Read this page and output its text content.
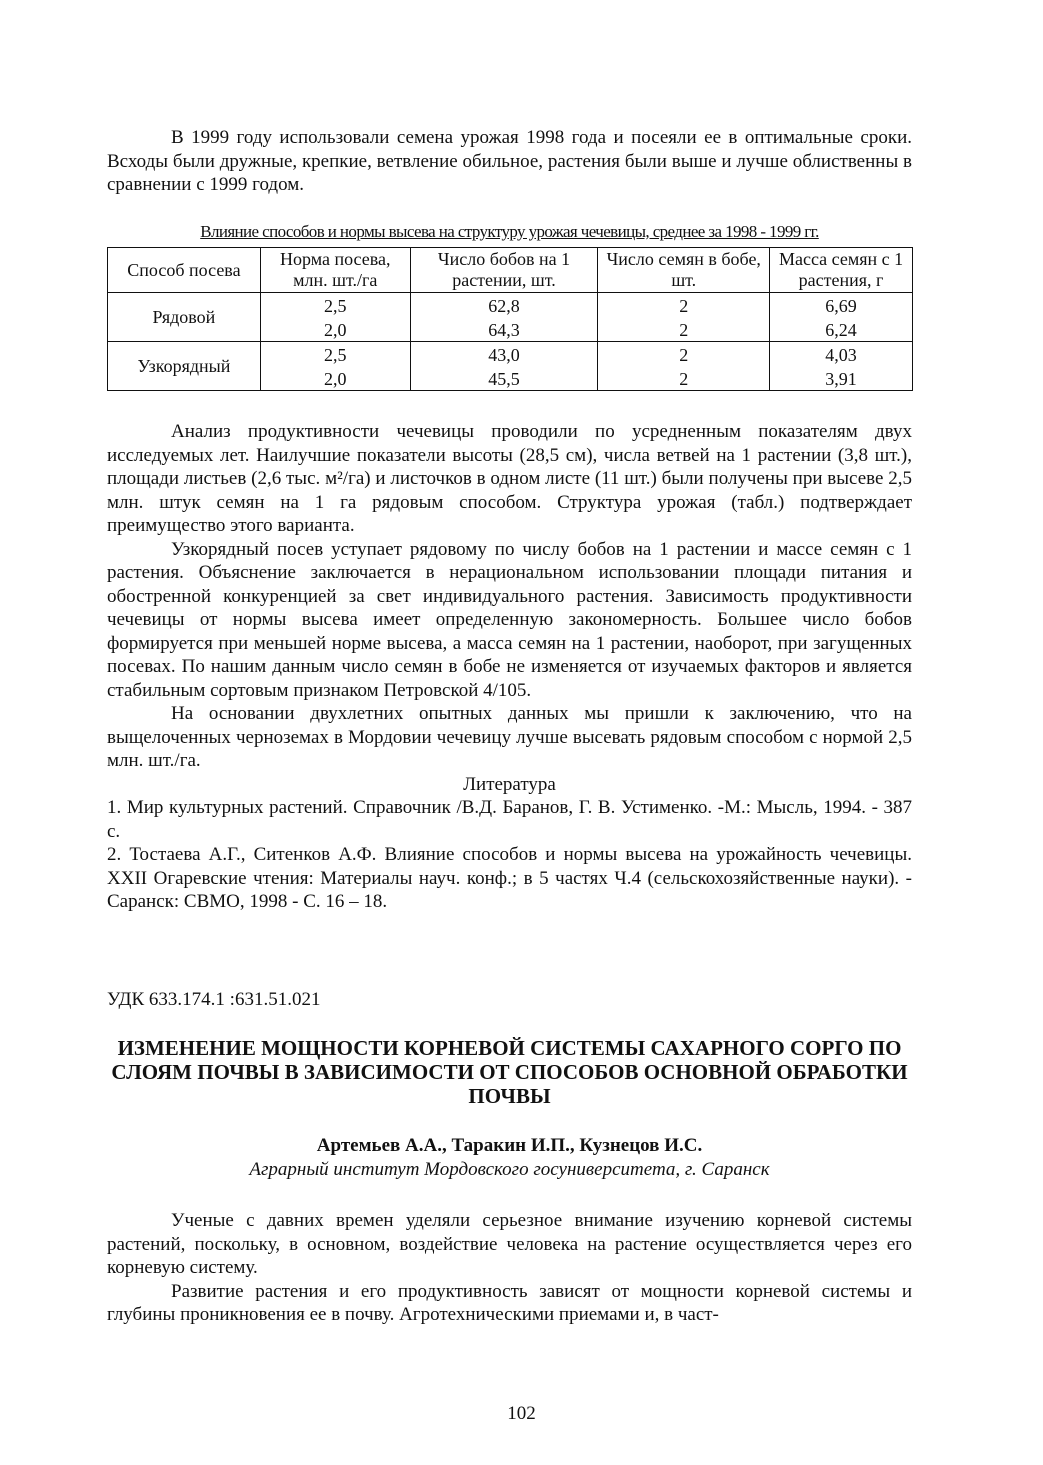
В 1999 году использовали семена урожая 1998 года и посеяли ее в оптимальные сроки. Всходы были дружные, крепкие, ветвление обильное, растения были выше и лучше облиственны в сравнении с 1999 годом.

Влияние способов и нормы высева на структуру урожая чечевицы, среднее за 1998 - 1999 гг.
Способ посева	Норма посева, млн. шт./га	Число бобов на 1 растении, шт.	Число семян в бобе, шт.	Масса семян с 1 растения, г
Рядовой	2,5	62,8	2	6,69
	2,0	64,3	2	6,24
Узкорядный	2,5	43,0	2	4,03
	2,0	45,5	2	3,91

Анализ продуктивности чечевицы проводили по усредненным показателям двух исследуемых лет. Наилучшие показатели высоты (28,5 см), числа ветвей на 1 растении (3,8 шт.), площади листьев (2,6 тыс. м²/га) и листочков в одном листе (11 шт.) были получены при высеве 2,5 млн. штук семян на 1 га рядовым способом. Структура урожая (табл.) подтверждает преимущество этого варианта.

Узкорядный посев уступает рядовому по числу бобов на 1 растении и массе семян с 1 растения. Объяснение заключается в нерациональном использовании площади питания и обостренной конкуренцией за свет индивидуального растения. Зависимость продуктивности чечевицы от нормы высева имеет определенную закономерность. Большее число бобов формируется при меньшей норме высева, а масса семян на 1 растении, наоборот, при загущенных посевах. По нашим данным число семян в бобе не изменяется от изучаемых факторов и является стабильным сортовым признаком Петровской 4/105.

На основании двухлетних опытных данных мы пришли к заключению, что на выщелоченных черноземах в Мордовии чечевицу лучше высевать рядовым способом с нормой 2,5 млн. шт./га.

Литература

1. Мир культурных растений. Справочник /В.Д. Баранов, Г. В. Устименко. -М.: Мысль, 1994. - 387 с.

2. Тостаева А.Г., Ситенков А.Ф. Влияние способов и нормы высева на урожайность чечевицы. XXII Огаревские чтения: Материалы науч. конф.; в 5 частях Ч.4 (сельскохозяйственные науки). - Саранск: СВМО, 1998 - С. 16 – 18.

УДК 633.174.1 :631.51.021
ИЗМЕНЕНИЕ МОЩНОСТИ КОРНЕВОЙ СИСТЕМЫ САХАРНОГО СОРГО ПО СЛОЯМ ПОЧВЫ В ЗАВИСИМОСТИ ОТ СПОСОБОВ ОСНОВНОЙ ОБРАБОТКИ ПОЧВЫ
Артемьев А.А., Таракин И.П., Кузнецов И.С.
Аграрный институт Мордовского госуниверситета, г. Саранск

Ученые с давних времен уделяли серьезное внимание изучению корневой системы растений, поскольку, в основном, воздействие человека на растение осуществляется через его корневую систему.

Развитие растения и его продуктивность зависят от мощности корневой системы и глубины проникновения ее в почву. Агротехническими приемами и, в част-

102
